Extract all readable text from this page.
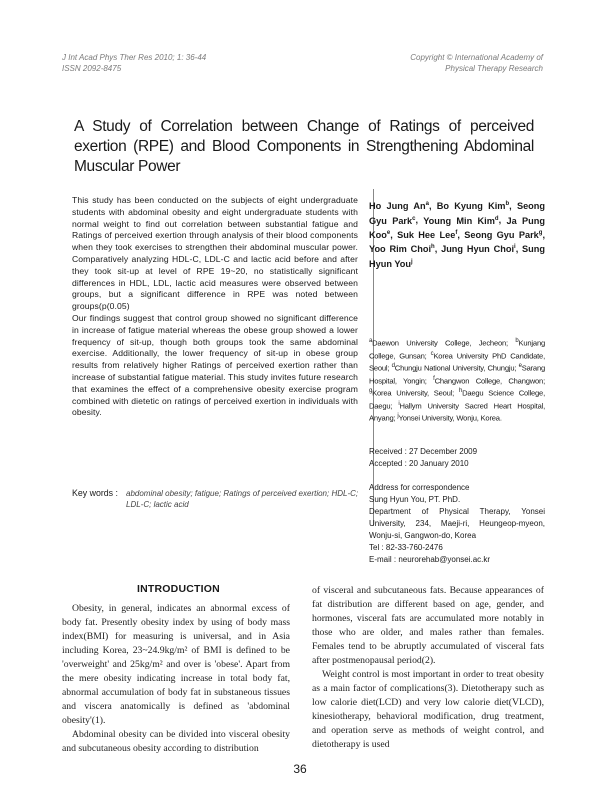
J Int Acad Phys Ther Res 2010; 1: 36-44
ISSN 2092-8475
Copyright © International Academy of
Physical Therapy Research
A Study of Correlation between Change of Ratings of perceived exertion (RPE) and Blood Components in Strengthening Abdominal Muscular Power

This study has been conducted on the subjects of eight undergraduate students with abdominal obesity and eight undergraduate students with normal weight to find out correlation between substantial fatigue and Ratings of perceived exertion through analysis of their blood components when they took exercises to strengthen their abdominal muscular power. Comparatively analyzing HDL-C, LDL-C and lactic acid before and after they took sit-up at level of RPE 19~20, no statistically significant differences in HDL, LDL, lactic acid measures were observed between groups, but a significant difference in RPE was noted between groups(p(0.05)

Our findings suggest that control group showed no significant difference in increase of fatigue material whereas the obese group showed a lower frequency of sit-up, though both groups took the same abdominal exercise. Additionally, the lower frequency of sit-up in obese group results from relatively higher Ratings of perceived exertion rather than increase of substantial fatigue material. This study invites future research that examines the effect of a comprehensive obesity exercise program combined with dietetic on ratings of perceived exertion in individuals with obesity.

Ho Jung An$^a$, Bo Kyung Kim$^b$, Seong Gyu Park$^c$, Young Min Kim$^d$, Ja Pung Koo$^e$, Suk Hee Lee$^f$, Seong Gyu Park$^g$, Yoo Rim Choi$^h$, Jung Hyun Choi$^i$, Sung Hyun You$^j$
$^a$Daewon University College, Jecheon; $^b$Kunjang College, Gunsan; $^c$Korea University PhD Candidate, Seoul; $^d$Chungju National University, Chungju; $^e$Sarang Hospital, Yongin; $^f$Changwon College, Changwon; $^g$Korea University, Seoul; $^h$Daegu Science College, Daegu; $^i$Hallym University Sacred Heart Hospital, Anyang; $^j$Yonsei University, Wonju, Korea.
Received : 27 December 2009
Accepted : 20 January 2010
Address for correspondence
Sung Hyun You, PT. PhD.
Department of Physical Therapy, Yonsei University, 234, Maeji-ri, Heungeop-myeon, Wonju-si, Gangwon-do, Korea
Tel : 82-33-760-2476
E-mail : neurorehab@yonsei.ac.kr
Key words : abdominal obesity; fatigue; Ratings of perceived exertion; HDL-C; LDL-C; lactic acid
INTRODUCTION

Obesity, in general, indicates an abnormal excess of body fat. Presently obesity index by using of body mass index(BMI) for measuring is universal, and in Asia including Korea, 23~24.9kg/m² of BMI is defined to be 'overweight' and 25kg/m² and over is 'obese'. Apart from the mere obesity indicating increase in total body fat, abnormal accumulation of body fat in substaneous tissues and viscera anatomically is defined as 'abdominal obesity'(1).

Abdominal obesity can be divided into visceral obesity and subcutaneous obesity according to distribution

of visceral and subcutaneous fats. Because appearances of fat distribution are different based on age, gender, and hormones, visceral fats are accumulated more notably in those who are older, and males rather than females. Females tend to be abruptly accumulated of visceral fats after postmenopausal period(2).

Weight control is most important in order to treat obesity as a main factor of complications(3). Dietotherapy such as low calorie diet(LCD) and very low calorie diet(VLCD), kinesiotherapy, behavioral modification, drug treatment, and operation serve as methods of weight control, and dietotherapy is used

36
